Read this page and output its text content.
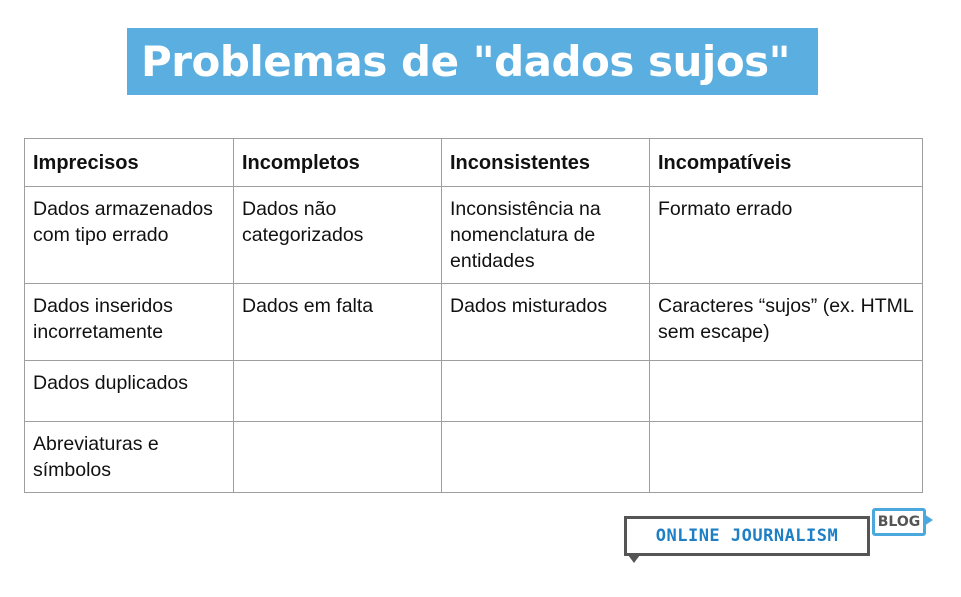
Problemas de "dados sujos"
Imprecisos	Incompletos	Inconsistentes	Incompatíveis
Dados armazenados com tipo errado	Dados não categorizados	Inconsistência na nomenclatura de entidades	Formato errado
Dados inseridos incorretamente	Dados em falta	Dados misturados	Caracteres “sujos” (ex. HTML sem escape)
Dados duplicados			
Abreviaturas e símbolos			
ONLINE JOURNALISM
BLOG
